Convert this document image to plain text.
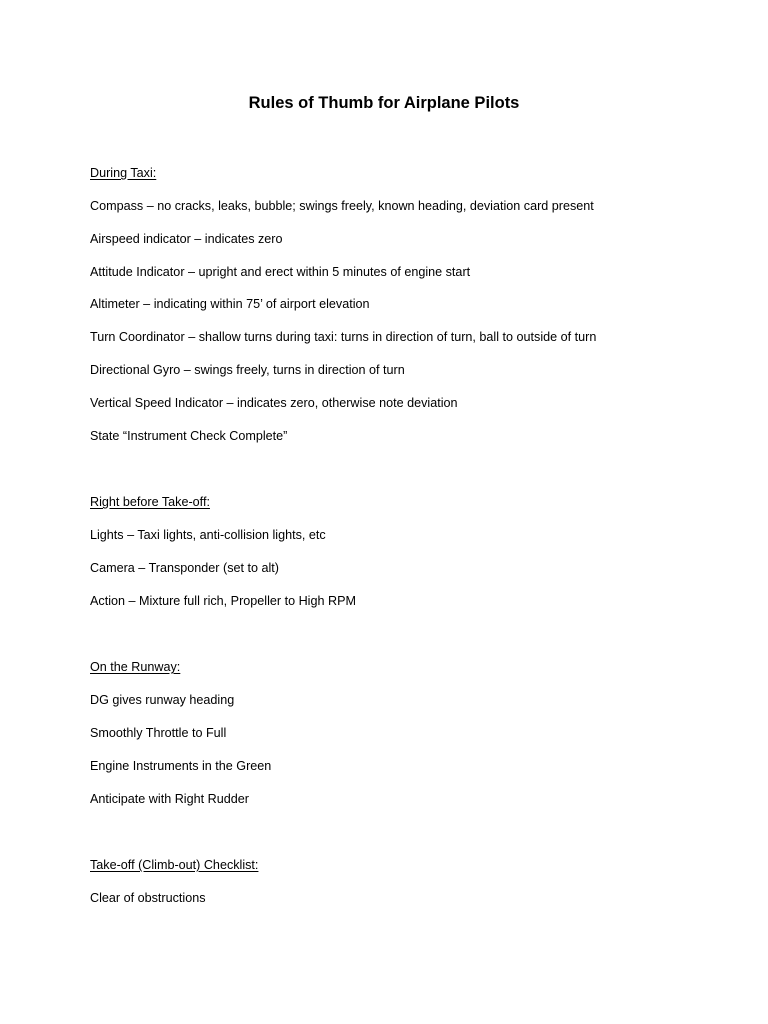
Rules of Thumb for Airplane Pilots

During Taxi:

Compass – no cracks, leaks, bubble; swings freely, known heading, deviation card present

Airspeed indicator – indicates zero

Attitude Indicator – upright and erect within 5 minutes of engine start

Altimeter – indicating within 75’ of airport elevation

Turn Coordinator – shallow turns during taxi: turns in direction of turn, ball to outside of turn

Directional Gyro – swings freely, turns in direction of turn

Vertical Speed Indicator – indicates zero, otherwise note deviation

State “Instrument Check Complete”

Right before Take-off:

Lights – Taxi lights, anti-collision lights, etc

Camera – Transponder (set to alt)

Action – Mixture full rich, Propeller to High RPM

On the Runway:

DG gives runway heading

Smoothly Throttle to Full

Engine Instruments in the Green

Anticipate with Right Rudder

Take-off (Climb-out) Checklist:

Clear of obstructions
